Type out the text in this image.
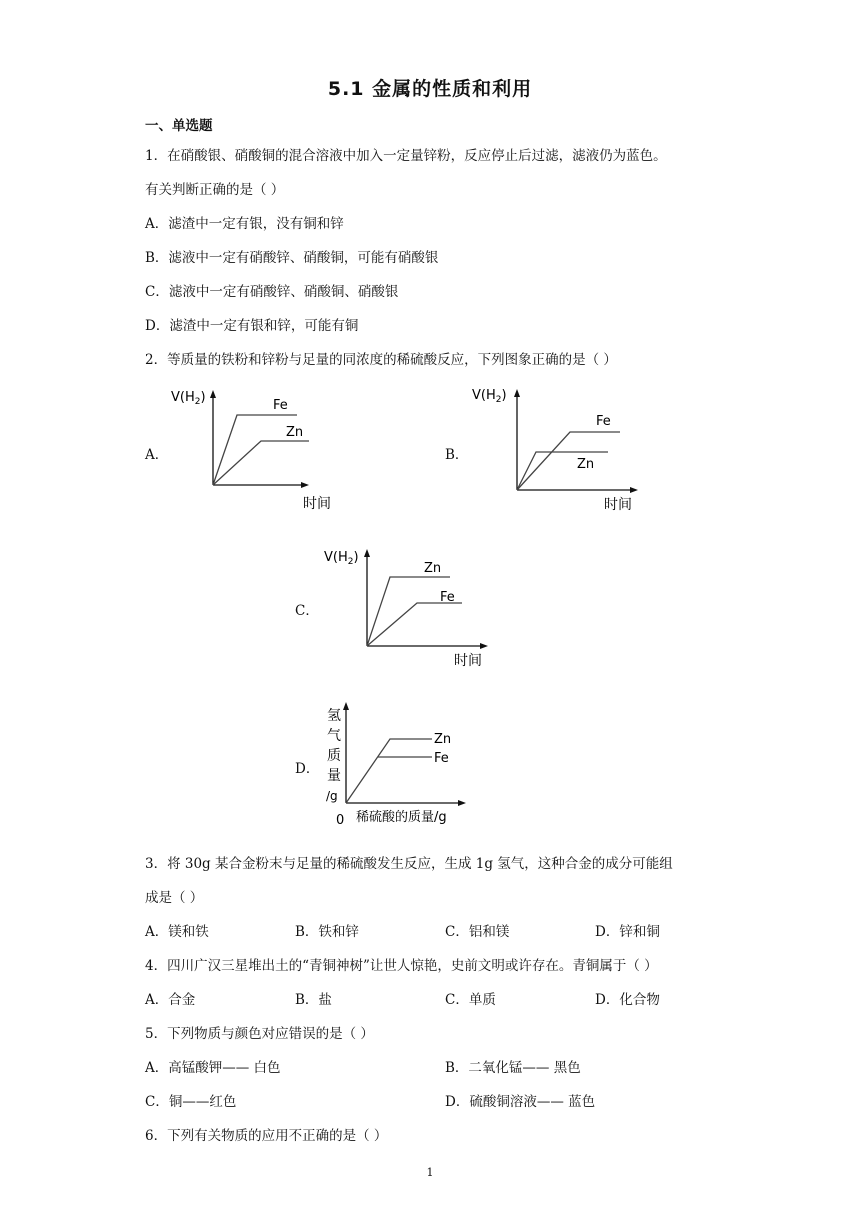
5.1 金属的性质和利用
一、单选题
1．在硝酸银、硝酸铜的混合溶液中加入一定量锌粉，反应停止后过滤，滤液仍为蓝色。
有关判断正确的是（ ）
A．滤渣中一定有银，没有铜和锌
B．滤液中一定有硝酸锌、硝酸铜，可能有硝酸银
C．滤液中一定有硝酸锌、硝酸铜、硝酸银
D．滤渣中一定有银和锌，可能有铜
2．等质量的铁粉和锌粉与足量的同浓度的稀硫酸反应，下列图象正确的是（ ）
A．
$V(H_2)$
Fe
Zn
时间
B．
$V(H_2)$
Fe
Zn
时间
C．
$V(H_2)$
Zn
Fe
时间
D．
氢
气
质
量
/g
Zn
Fe
0 稀硫酸的质量/g
3．将 30g 某合金粉末与足量的稀硫酸发生反应，生成 1g 氢气，这种合金的成分可能组
成是（ ）
A．镁和铁	B．铁和锌	C．铝和镁	D．锌和铜
4．四川广汉三星堆出土的“青铜神树”让世人惊艳，史前文明或许存在。青铜属于（ ）
A．合金	B．盐	C．单质	D．化合物
5．下列物质与颜色对应错误的是（ ）
A．高锰酸钾—— 白色	B．二氧化锰—— 黑色
C．铜——红色	D．硫酸铜溶液—— 蓝色
6．下列有关物质的应用不正确的是（ ）
1
